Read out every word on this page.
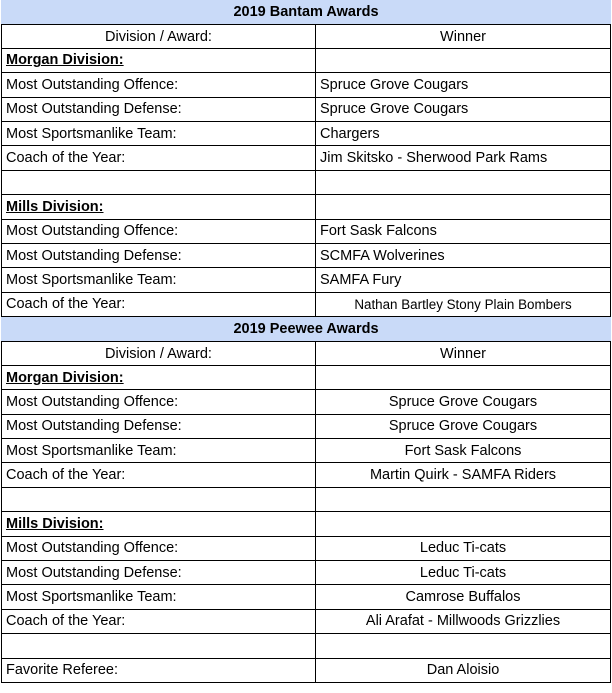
2019 Bantam Awards
Division / Award:	Winner
Morgan Division:
Most Outstanding Offence:	Spruce Grove Cougars
Most Outstanding Defense:	Spruce Grove Cougars
Most Sportsmanlike Team:	Chargers
Coach of the Year:	Jim Skitsko - Sherwood Park Rams
Mills Division:
Most Outstanding Offence:	Fort Sask Falcons
Most Outstanding Defense:	SCMFA Wolverines
Most Sportsmanlike Team:	SAMFA Fury
Coach of the Year:	Nathan Bartley Stony Plain Bombers
2019 Peewee Awards
Division / Award:	Winner
Morgan Division:
Most Outstanding Offence:	Spruce Grove Cougars
Most Outstanding Defense:	Spruce Grove Cougars
Most Sportsmanlike Team:	Fort Sask Falcons
Coach of the Year:	Martin Quirk - SAMFA Riders
Mills Division:
Most Outstanding Offence:	Leduc Ti-cats
Most Outstanding Defense:	Leduc Ti-cats
Most Sportsmanlike Team:	Camrose Buffalos
Coach of the Year:	Ali Arafat - Millwoods Grizzlies
Favorite Referee:	Dan Aloisio
